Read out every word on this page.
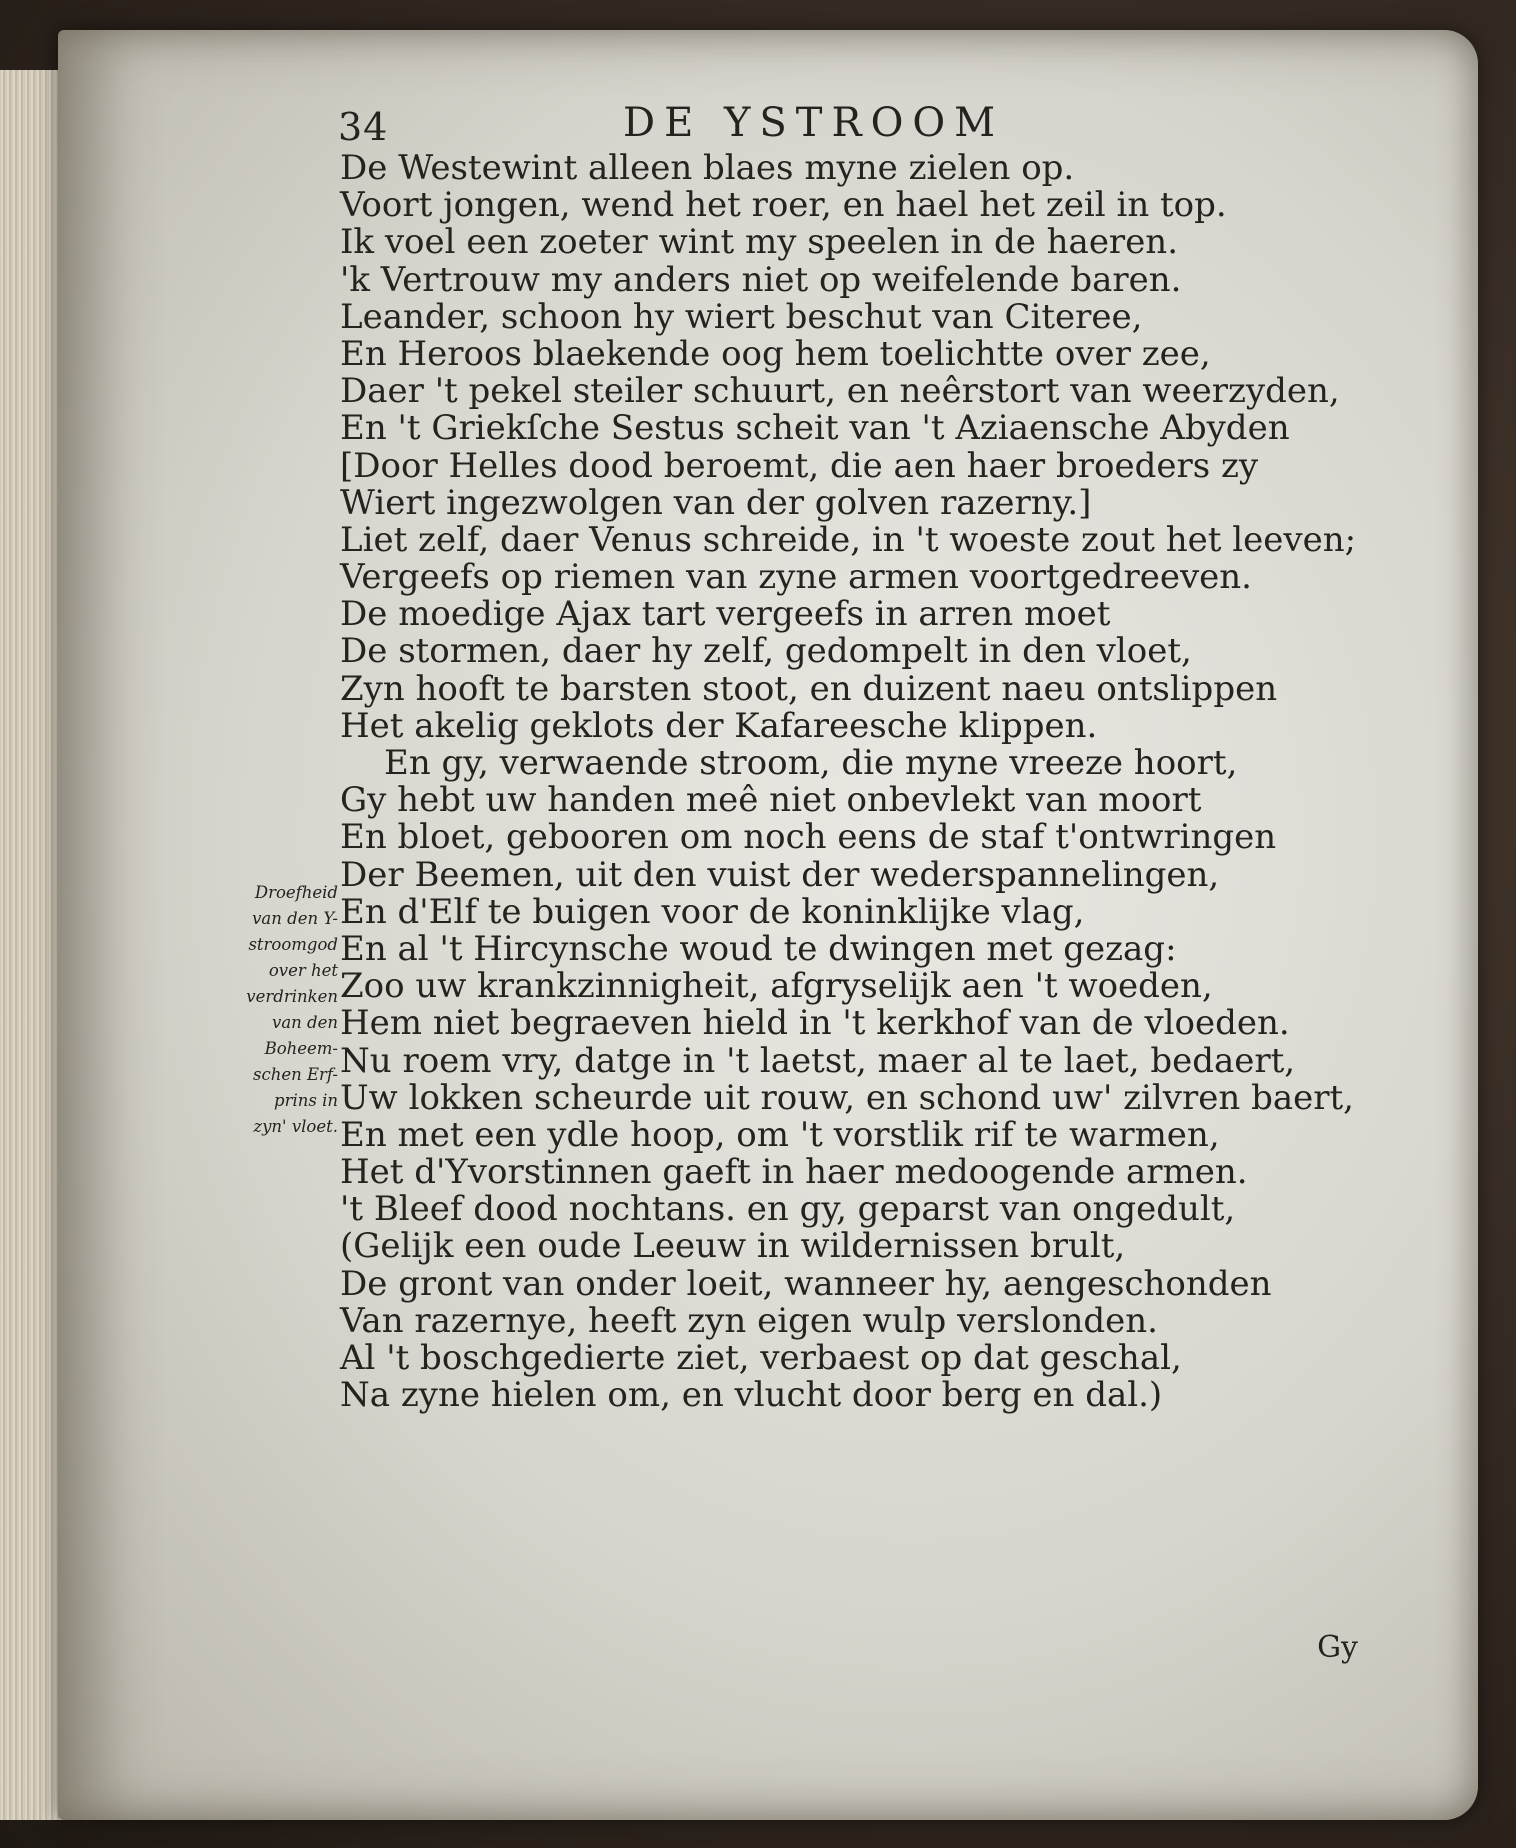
34	DE YSTROOM
De Westewint alleen blaes myne zielen op.
Voort jongen, wend het roer, en hael het zeil in top.
Ik voel een zoeter wint my speelen in de haeren.
'k Vertrouw my anders niet op weifelende baren.
Leander, schoon hy wiert beschut van Citeree,
En Heroos blaekende oog hem toelichtte over zee,
Daer 't pekel steiler schuurt, en neêrstort van weerzyden,
En 't Griekſche Sestus scheit van 't Aziaensche Abyden
[Door Helles dood beroemt, die aen haer broeders zy
Wiert ingezwolgen van der golven razerny.]
Liet zelf, daer Venus schreide, in 't woeste zout het leeven;
Vergeefs op riemen van zyne armen voortgedreeven.
De moedige Ajax tart vergeefs in arren moet
De stormen, daer hy zelf, gedompelt in den vloet,
Zyn hooft te barsten stoot, en duizent naeu ontslippen
Het akelig geklots der Kafareesche klippen.
En gy, verwaende stroom, die myne vreeze hoort,
Gy hebt uw handen meê niet onbevlekt van moort
En bloet, gebooren om noch eens de staf t'ontwringen
Der Beemen, uit den vuist der wederspannelingen,
En d'Elf te buigen voor de koninklijke vlag,
En al 't Hircynsche woud te dwingen met gezag:
Zoo uw krankzinnigheit, afgryselijk aen 't woeden,
Hem niet begraeven hield in 't kerkhof van de vloeden.
Nu roem vry, datge in 't laetst, maer al te laet, bedaert,
Uw lokken scheurde uit rouw, en schond uw' zilvren baert,
En met een ydle hoop, om 't vorstlik rif te warmen,
Het d'Yvorstinnen gaeft in haer medoogende armen.
't Bleef dood nochtans. en gy, geparst van ongedult,
(Gelijk een oude Leeuw in wildernissen brult,
De gront van onder loeit, wanneer hy, aengeschonden
Van razernye, heeft zyn eigen wulp verslonden.
Al 't boschgedierte ziet, verbaest op dat geschal,
Na zyne hielen om, en vlucht door berg en dal.)
Droefheid
van den Y-
stroomgod
over het
verdrinken
van den
Boheem-
schen Erf-
prins in
zyn' vloet.
Gy
